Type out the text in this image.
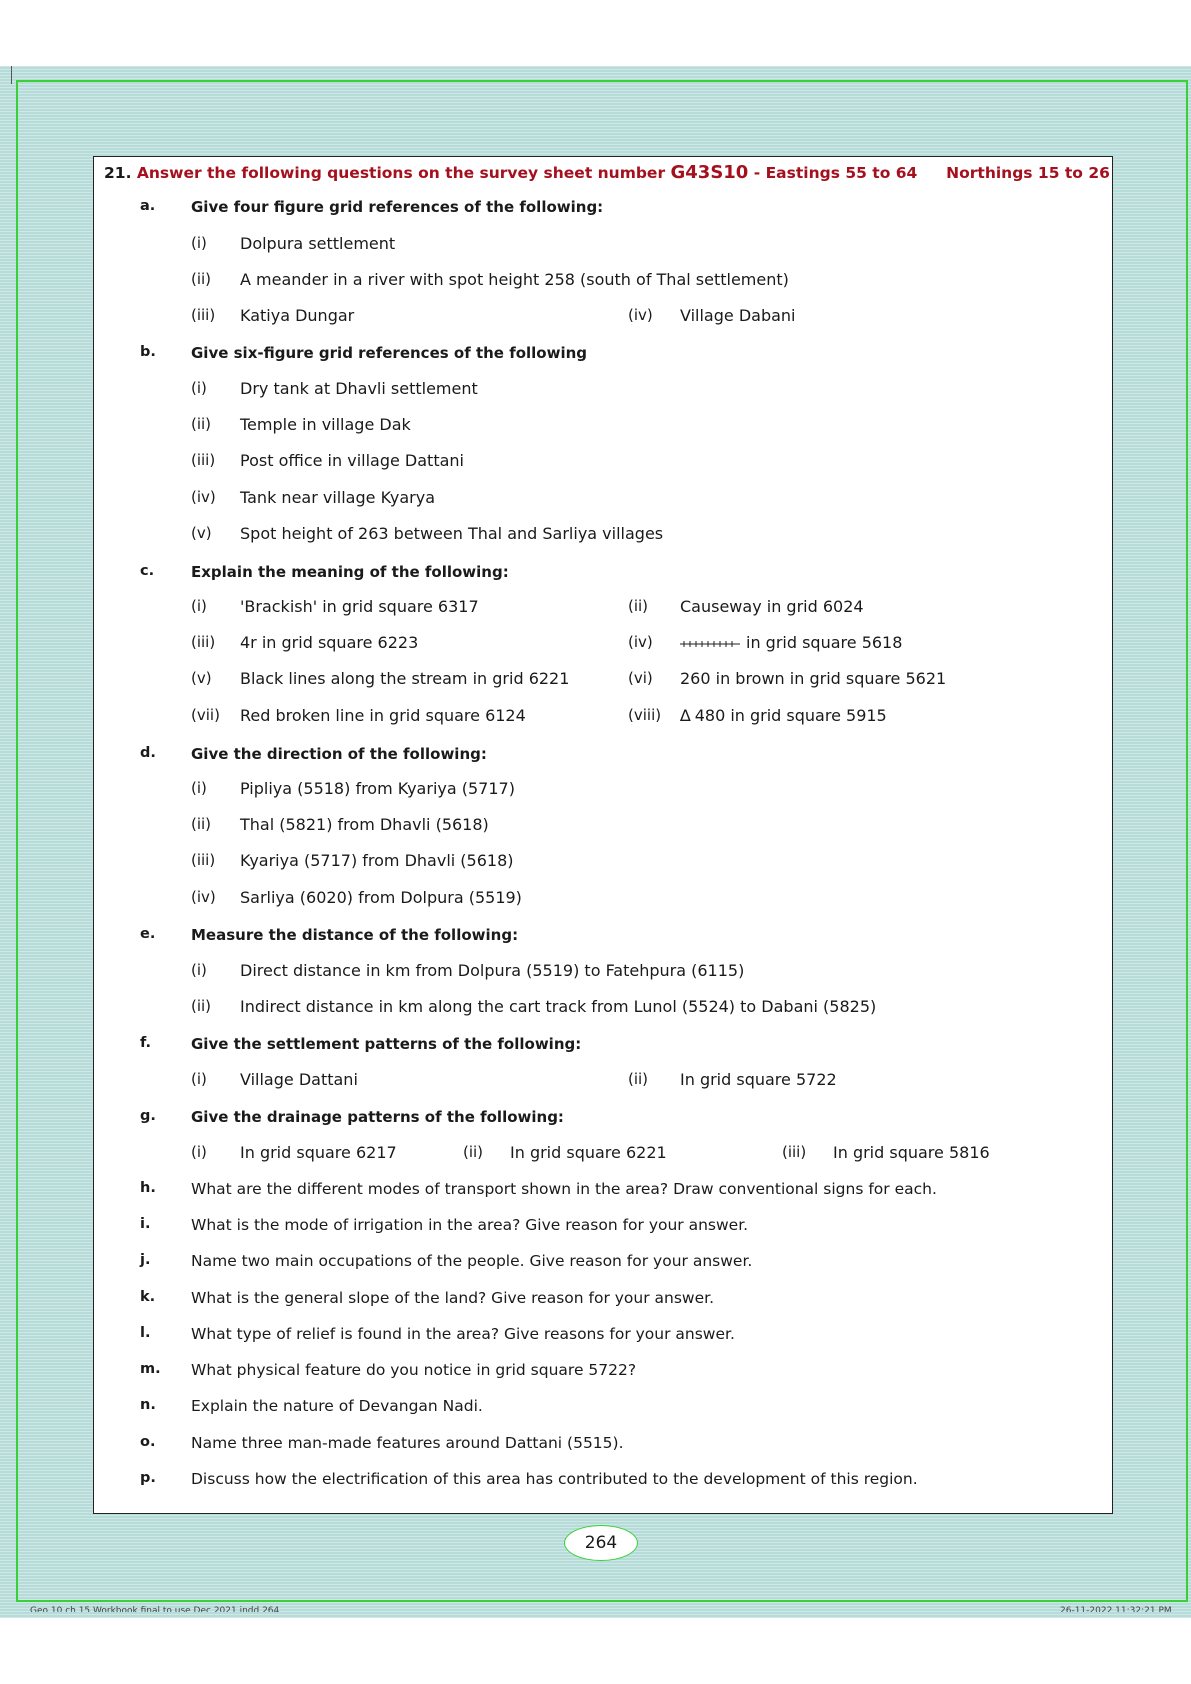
21. Answer the following questions on the survey sheet number G43S10 - Eastings 55 to 64 Northings 15 to 26
a. Give four figure grid references of the following:
(i) Dolpura settlement
(ii) A meander in a river with spot height 258 (south of Thal settlement)
(iii) Katiya Dungar	(iv) Village Dabani
b. Give six-figure grid references of the following
(i) Dry tank at Dhavli settlement
(ii) Temple in village Dak
(iii) Post office in village Dattani
(iv) Tank near village Kyarya
(v) Spot height of 263 between Thal and Sarliya villages
c. Explain the meaning of the following:
(i) 'Brackish' in grid square 6317	(ii) Causeway in grid 6024
(iii) 4r in grid square 6223	(iv)	in grid square 5618
(v) Black lines along the stream in grid 6221	(vi) 260 in brown in grid square 5621
(vii) Red broken line in grid square 6124	(viii) ∆ 480 in grid square 5915
d. Give the direction of the following:
(i) Pipliya (5518) from Kyariya (5717)
(ii) Thal (5821) from Dhavli (5618)
(iii) Kyariya (5717) from Dhavli (5618)
(iv) Sarliya (6020) from Dolpura (5519)
e. Measure the distance of the following:
(i) Direct distance in km from Dolpura (5519) to Fatehpura (6115)
(ii) Indirect distance in km along the cart track from Lunol (5524) to Dabani (5825)
f.	Give the settlement patterns of the following:
(i) Village Dattani	(ii) In grid square 5722
g. Give the drainage patterns of the following:
(i) In grid square 6217	(ii) In grid square 6221	(iii) In grid square 5816
h. What are the different modes of transport shown in the area? Draw conventional signs for each.
i.	What is the mode of irrigation in the area? Give reason for your answer.
j.	Name two main occupations of the people. Give reason for your answer.
k. What is the general slope of the land? Give reason for your answer.
l.	What type of relief is found in the area? Give reasons for your answer.
m. What physical feature do you notice in grid square 5722?
n. Explain the nature of Devangan Nadi.
o. Name three man-made features around Dattani (5515).
p. Discuss how the electrification of this area has contributed to the development of this region.
264
Geo 10 ch 15 Workbook final to use Dec 2021.indd 264	26-11-2022 11:32:21 PM
